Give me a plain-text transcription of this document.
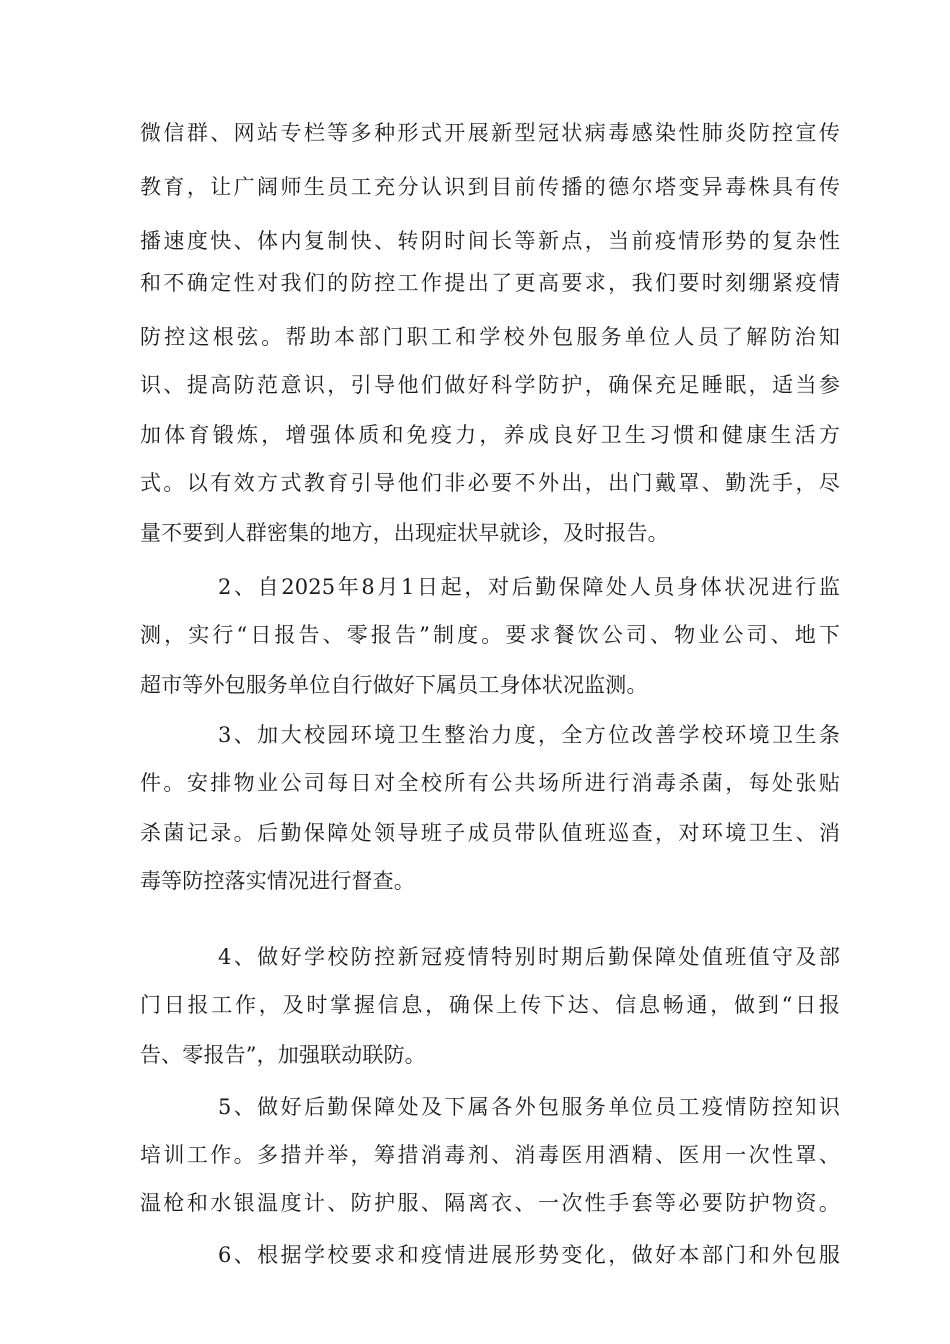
微信群、网站专栏等多种形式开展新型冠状病毒感染性肺炎防控宣传

教育，让广阔师生员工充分认识到目前传播的德尔塔变异毒株具有传

播速度快、体内复制快、转阴时间长等新点，当前疫情形势的复杂性

和不确定性对我们的防控工作提出了更高要求，我们要时刻绷紧疫情

防控这根弦。帮助本部门职工和学校外包服务单位人员了解防治知

识、提高防范意识，引导他们做好科学防护，确保充足睡眠，适当参

加体育锻炼，增强体质和免疫力，养成良好卫生习惯和健康生活方

式。以有效方式教育引导他们非必要不外出，出门戴罩、勤洗手，尽

量不要到人群密集的地方，出现症状早就诊，及时报告。

2、自2025年8月1日起，对后勤保障处人员身体状况进行监

测，实行“日报告、零报告”制度。要求餐饮公司、物业公司、地下

超市等外包服务单位自行做好下属员工身体状况监测。

3、加大校园环境卫生整治力度，全方位改善学校环境卫生条

件。安排物业公司每日对全校所有公共场所进行消毒杀菌，每处张贴

杀菌记录。后勤保障处领导班子成员带队值班巡查，对环境卫生、消

毒等防控落实情况进行督查。

4、做好学校防控新冠疫情特别时期后勤保障处值班值守及部

门日报工作，及时掌握信息，确保上传下达、信息畅通，做到“日报

告、零报告”，加强联动联防。

5、做好后勤保障处及下属各外包服务单位员工疫情防控知识

培训工作。多措并举，筹措消毒剂、消毒医用酒精、医用一次性罩、

温枪和水银温度计、防护服、隔离衣、一次性手套等必要防护物资。

6、根据学校要求和疫情进展形势变化，做好本部门和外包服
